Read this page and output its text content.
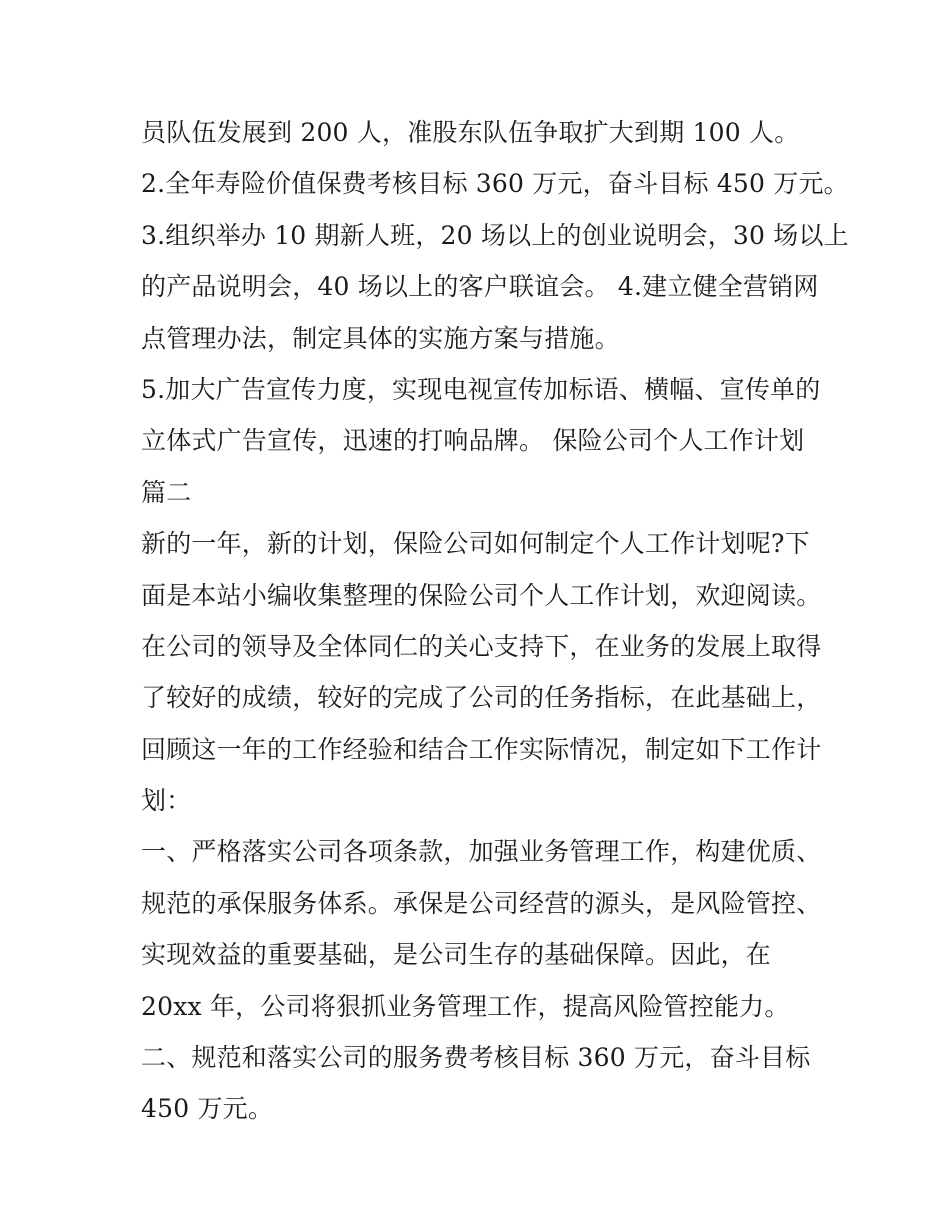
员队伍发展到 200 人，准股东队伍争取扩大到期 100 人。
2.全年寿险价值保费考核目标 360 万元，奋斗目标 450 万元。
3.组织举办 10 期新人班，20 场以上的创业说明会，30 场以上
的产品说明会，40 场以上的客户联谊会。 4.建立健全营销网
点管理办法，制定具体的实施方案与措施。
5.加大广告宣传力度，实现电视宣传加标语、横幅、宣传单的
立体式广告宣传，迅速的打响品牌。 保险公司个人工作计划
篇二
新的一年，新的计划，保险公司如何制定个人工作计划呢?下
面是本站小编收集整理的保险公司个人工作计划，欢迎阅读。
在公司的领导及全体同仁的关心支持下，在业务的发展上取得
了较好的成绩，较好的完成了公司的任务指标，在此基础上，
回顾这一年的工作经验和结合工作实际情况，制定如下工作计
划：
一、严格落实公司各项条款，加强业务管理工作，构建优质、
规范的承保服务体系。承保是公司经营的源头，是风险管控、
实现效益的重要基础，是公司生存的基础保障。因此，在
20xx 年，公司将狠抓业务管理工作，提高风险管控能力。
二、规范和落实公司的服务费考核目标 360 万元，奋斗目标
450 万元。
